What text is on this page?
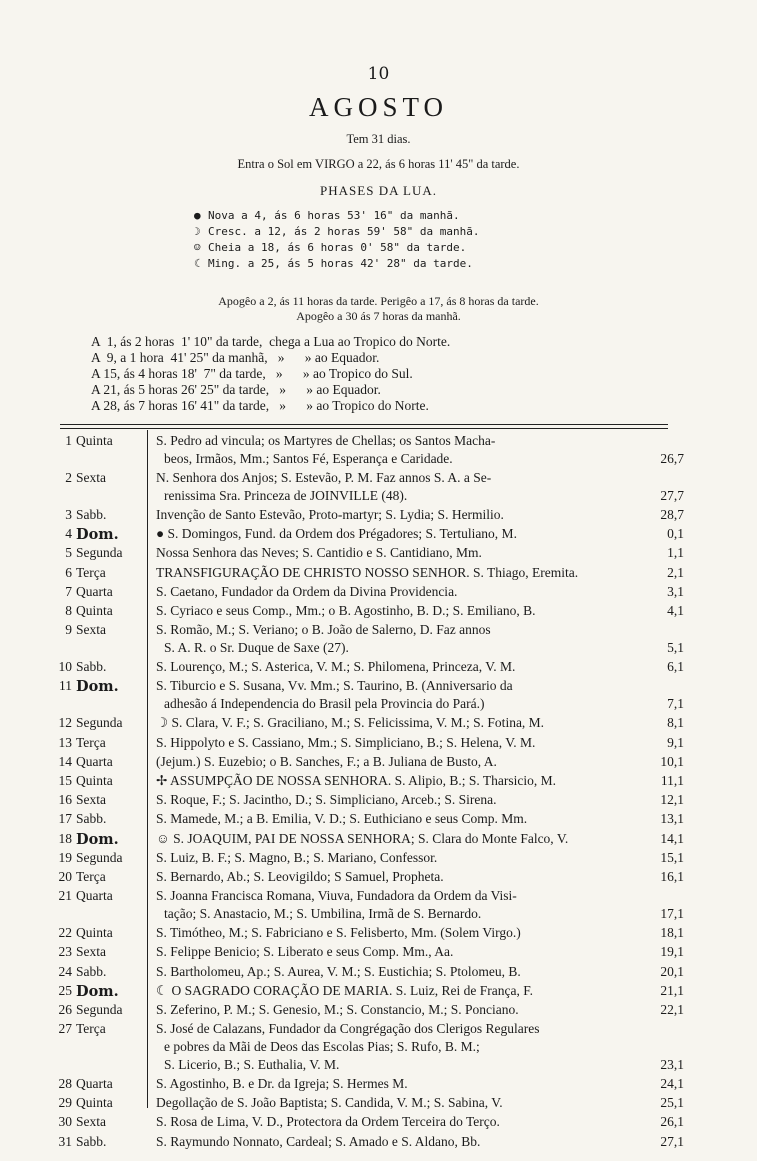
10
AGOSTO
Tem 31 dias.
Entra o Sol em VIRGO a 22, ás 6 horas 11' 45" da tarde.
PHASES DA LUA.
● Nova a 4, ás 6 horas 53' 16" da manhã.
☽ Cresc. a 12, ás 2 horas 59' 58" da manhã.
☺ Cheia a 18, ás 6 horas 0' 58" da tarde.
☾ Ming. a 25, ás 5 horas 42' 28" da tarde.
Apogêo a 2, ás 11 horas da tarde. Perigêo a 17, ás 8 horas da tarde.
Apogêo a 30 ás 7 horas da manhã.
A  1, ás 2 horas  1' 10" da tarde,  chega a Lua ao Tropico do Norte.
A  9, a 1 hora  41' 25" da manhã,   »      » ao Equador.
A 15, ás 4 horas 18'  7" da tarde,   »      » ao Tropico do Sul.
A 21, ás 5 horas 26' 25" da tarde,   »      » ao Equador.
A 28, ás 7 horas 16' 41" da tarde,   »      » ao Tropico do Norte.
1 Quinta	S. Pedro ad vincula; os Martyres de Chellas; os Santos Macha-
beos, Irmãos, Mm.; Santos Fé, Esperança e Caridade.	26,7
2 Sexta	N. Senhora dos Anjos; S. Estevão, P. M. Faz annos S. A. a Se-
renissima Sra. Princeza de JOINVILLE (48).	27,7
3 Sabb.	Invenção de Santo Estevão, Proto-martyr; S. Lydia; S. Hermilio.	28,7
4 Dom.	● S. Domingos, Fund. da Ordem dos Prégadores; S. Tertuliano, M.	0,1
5 Segunda	Nossa Senhora das Neves; S. Cantidio e S. Cantidiano, Mm.	1,1
6 Terça	TRANSFIGURAÇÃO DE CHRISTO NOSSO SENHOR. S. Thiago, Eremita.	2,1
7 Quarta	S. Caetano, Fundador da Ordem da Divina Providencia.	3,1
8 Quinta	S. Cyriaco e seus Comp., Mm.; o B. Agostinho, B. D.; S. Emiliano, B.	4,1
9 Sexta	S. Romão, M.; S. Veriano; o B. João de Salerno, D. Faz annos
S. A. R. o Sr. Duque de Saxe (27).	5,1
10 Sabb.	S. Lourenço, M.; S. Asterica, V. M.; S. Philomena, Princeza, V. M.	6,1
11 Dom.	S. Tiburcio e S. Susana, Vv. Mm.; S. Taurino, B. (Anniversario da
adhesão á Independencia do Brasil pela Provincia do Pará.)	7,1
12 Segunda	☽ S. Clara, V. F.; S. Graciliano, M.; S. Felicissima, V. M.; S. Fotina, M.	8,1
13 Terça	S. Hippolyto e S. Cassiano, Mm.; S. Simpliciano, B.; S. Helena, V. M.	9,1
14 Quarta	(Jejum.) S. Euzebio; o B. Sanches, F.; a B. Juliana de Busto, A.	10,1
15 Quinta	✢ ASSUMPÇÃO DE NOSSA SENHORA. S. Alipio, B.; S. Tharsicio, M.	11,1
16 Sexta	S. Roque, F.; S. Jacintho, D.; S. Simpliciano, Arceb.; S. Sirena.	12,1
17 Sabb.	S. Mamede, M.; a B. Emilia, V. D.; S. Euthiciano e seus Comp. Mm.	13,1
18 Dom.	☺ S. JOAQUIM, PAI DE NOSSA SENHORA; S. Clara do Monte Falco, V.	14,1
19 Segunda	S. Luiz, B. F.; S. Magno, B.; S. Mariano, Confessor.	15,1
20 Terça	S. Bernardo, Ab.; S. Leovigildo; S Samuel, Propheta.	16,1
21 Quarta	S. Joanna Francisca Romana, Viuva, Fundadora da Ordem da Visi-
tação; S. Anastacio, M.; S. Umbilina, Irmã de S. Bernardo.	17,1
22 Quinta	S. Timótheo, M.; S. Fabriciano e S. Felisberto, Mm. (Solem Virgo.)	18,1
23 Sexta	S. Felippe Benicio; S. Liberato e seus Comp. Mm., Aa.	19,1
24 Sabb.	S. Bartholomeu, Ap.; S. Aurea, V. M.; S. Eustichia; S. Ptolomeu, B.	20,1
25 Dom.	☾ O SAGRADO CORAÇÃO DE MARIA. S. Luiz, Rei de França, F.	21,1
26 Segunda	S. Zeferino, P. M.; S. Genesio, M.; S. Constancio, M.; S. Ponciano.	22,1
27 Terça	S. José de Calazans, Fundador da Congrégação dos Clerigos Regulares
e pobres da Mãi de Deos das Escolas Pias; S. Rufo, B. M.;
S. Licerio, B.; S. Euthalia, V. M.	23,1
28 Quarta	S. Agostinho, B. e Dr. da Igreja; S. Hermes M.	24,1
29 Quinta	Degollação de S. João Baptista; S. Candida, V. M.; S. Sabina, V.	25,1
30 Sexta	S. Rosa de Lima, V. D., Protectora da Ordem Terceira do Terço.	26,1
31 Sabb.	S. Raymundo Nonnato, Cardeal; S. Amado e S. Aldano, Bb.	27,1
